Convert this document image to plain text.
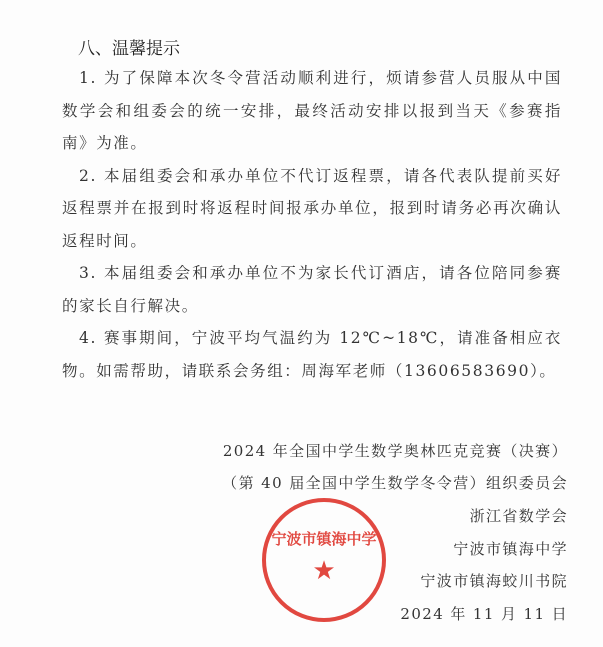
八、温馨提示

1. 为了保障本次冬令营活动顺利进行，烦请参营人员服从中国数学会和组委会的统一安排，最终活动安排以报到当天《参赛指南》为准。

2. 本届组委会和承办单位不代订返程票，请各代表队提前买好返程票并在报到时将返程时间报承办单位，报到时请务必再次确认返程时间。

3. 本届组委会和承办单位不为家长代订酒店，请各位陪同参赛的家长自行解决。

4. 赛事期间，宁波平均气温约为 12℃~18℃，请准备相应衣物。如需帮助，请联系会务组：周海军老师（13606583690）。

2024 年全国中学生数学奥林匹克竞赛（决赛）
（第 40 届全国中学生数学冬令营）组织委员会
浙江省数学会
宁波市镇海中学
宁波市镇海蛟川书院
2024 年 11 月 11 日
宁波市镇海中学
★
